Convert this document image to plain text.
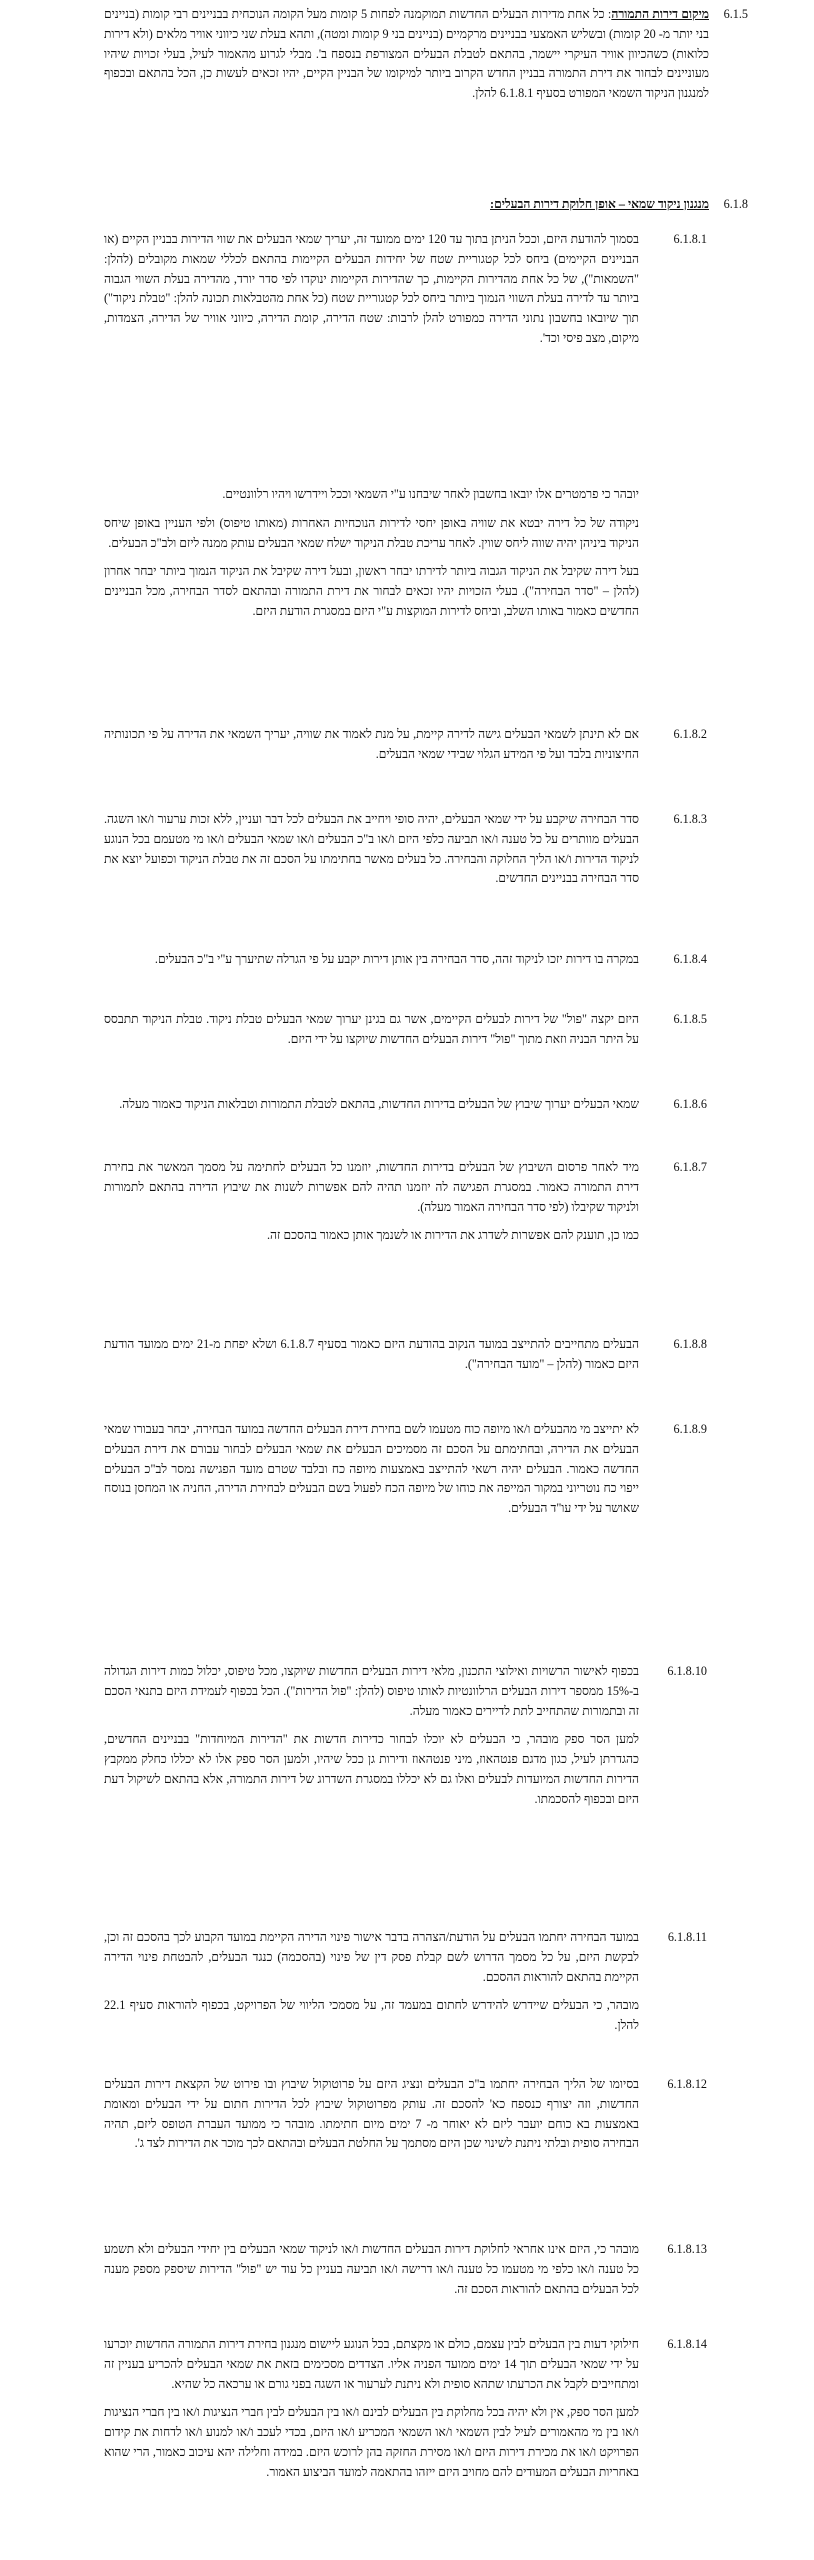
6.1.5

מיקום דירות התמורה: כל אחת מדירות הבעלים החדשות תמוקמנה לפחות 5 קומות מעל הקומה הנוכחית בבניינים רבי קומות (בניינים בני יותר מ- 20 קומות) ובשליש האמצעי בבניינים מרקמיים (בניינים בני 9 קומות ומטה), ותהא בעלת שני כיווני אוויר מלאים (ולא דירות כלואות) כשהכיוון אוויר העיקרי יישמר, בהתאם לטבלת הבעלים המצורפת בנספח ב'. מבלי לגרוע מהאמור לעיל, בעלי זכויות שיהיו מעוניינים לבחור את דירת התמורה בבניין החדש הקרוב ביותר למיקומו של הבניין הקיים, יהיו זכאים לעשות כן, הכל בהתאם ובכפוף למנגנון הניקוד השמאי המפורט בסעיף 6.1.8.1 להלן.

6.1.8
מנגנון ניקוד שמאי – אופן חלוקת דירות הבעלים:
6.1.8.1

בסמוך להודעת היזם, וככל הניתן בתוך עד 120 ימים ממועד זה, יעריך שמאי הבעלים את שווי הדירות בבניין הקיים (או הבניינים הקיימים) ביחס לכל קטגוריית שטח של יחידות הבעלים הקיימות בהתאם לכללי שמאות מקובלים (להלן: "השמאות"), של כל אחת מהדירות הקיימות, כך שהדירות הקיימות ינוקדו לפי סדר יורד, מהדירה בעלת השווי הגבוה ביותר עד לדירה בעלת השווי הנמוך ביותר ביחס לכל קטגוריית שטח (כל אחת מהטבלאות תכונה להלן: "טבלת ניקוד") תוך שיובאו בחשבון נתוני הדירה כמפורט להלן לרבות: שטח הדירה, קומת הדירה, כיווני אוויר של הדירה, הצמדות, מיקום, מצב פיסי וכד'.

יובהר כי פרמטרים אלו יובאו בחשבון לאחר שיבחנו ע"י השמאי וככל ויידרשו ויהיו רלוונטיים.

ניקודה של כל דירה יבטא את שוויה באופן יחסי לדירות הנוכחיות האחרות (מאותו טיפוס) ולפי העניין באופן שיחס הניקוד ביניהן יהיה שווה ליחס שווין. לאחר עריכת טבלת הניקוד ישלח שמאי הבעלים עותק ממנה ליזם ולב"כ הבעלים.

בעל דירה שקיבל את הניקוד הגבוה ביותר לדירתו יבחר ראשון, ובעל דירה שקיבל את הניקוד הנמוך ביותר יבחר אחרון (להלן – "סדר הבחירה"). בעלי הזכויות יהיו זכאים לבחור את דירת התמורה ובהתאם לסדר הבחירה, מכל הבניינים החדשים כאמור באותו השלב, וביחס לדירות המוקצות ע"י היזם במסגרת הודעת היזם.

6.1.8.2

אם לא תינתן לשמאי הבעלים גישה לדירה קיימת, על מנת לאמוד את שוויה, יעריך השמאי את הדירה על פי תכונותיה החיצוניות בלבד ועל פי המידע הגלוי שבידי שמאי הבעלים.

6.1.8.3

סדר הבחירה שיקבע על ידי שמאי הבעלים, יהיה סופי ויחייב את הבעלים לכל דבר ועניין, ללא זכות ערעור ו/או השגה. הבעלים מוותרים על כל טענה ו/או תביעה כלפי היזם ו/או ב"כ הבעלים ו/או שמאי הבעלים ו/או מי מטעמם בכל הנוגע לניקוד הדירות ו/או הליך החלוקה והבחירה. כל בעלים מאשר בחתימתו על הסכם זה את טבלת הניקוד וכפועל יוצא את סדר הבחירה בבניינים החדשים.

6.1.8.4

במקרה בו דירות יזכו לניקוד זהה, סדר הבחירה בין אותן דירות יקבע על פי הגרלה שתיערך ע"י ב"כ הבעלים.

6.1.8.5

היזם יקצה "פול" של דירות לבעלים הקיימים, אשר גם בגינן יערוך שמאי הבעלים טבלת ניקוד. טבלת הניקוד תתבסס על היתר הבניה וזאת מתוך "פול" דירות הבעלים החדשות שיוקצו על ידי היזם.

6.1.8.6

שמאי הבעלים יערוך שיבוץ של הבעלים בדירות החדשות, בהתאם לטבלת התמורות וטבלאות הניקוד כאמור מעלה.

6.1.8.7

מיד לאחר פרסום השיבוץ של הבעלים בדירות החדשות, יוזמנו כל הבעלים לחתימה על מסמך המאשר את בחירת דירת התמורה כאמור. במסגרת הפגישה לה יוזמנו תהיה להם אפשרות לשנות את שיבוץ הדירה בהתאם לתמורות ולניקוד שקיבלו (לפי סדר הבחירה האמור מעלה).

כמו כן, תוענק להם אפשרות לשדרג את הדירות או לשנמך אותן כאמור בהסכם זה.

6.1.8.8

הבעלים מתחייבים להתייצב במועד הנקוב בהודעת היזם כאמור בסעיף 6.1.8.7 ושלא יפחת מ-21 ימים ממועד הודעת היזם כאמור (להלן – "מועד הבחירה").

6.1.8.9

לא יתייצב מי מהבעלים ו/או מיופה כוח מטעמו לשם בחירת דירת הבעלים החדשה במועד הבחירה, יבחר בעבורו שמאי הבעלים את הדירה, ובחתימתם על הסכם זה מסמיכים הבעלים את שמאי הבעלים לבחור עבורם את דירת הבעלים החדשה כאמור. הבעלים יהיה רשאי להתייצב באמצעות מיופה כח ובלבד שטרם מועד הפגישה נמסר לב"כ הבעלים ייפוי כח נוטריוני במקור המייפה את כוחו של מיופה הכח לפעול בשם הבעלים לבחירת הדירה, החניה או המחסן בנוסח שאושר על ידי עו"ד הבעלים.

6.1.8.10

בכפוף לאישור הרשויות ואילוצי התכנון, מלאי דירות הבעלים החדשות שיוקצו, מכל טיפוס, יכלול כמות דירות הגדולה ב-15% ממספר דירות הבעלים הרלוונטיות לאותו טיפוס (להלן: "פול הדירות"). הכל בכפוף לעמידת היזם בתנאי הסכם זה ובתמורות שהתחייב לתת לדיירים כאמור מעלה.

למען הסר ספק מובהר, כי הבעלים לא יוכלו לבחור כדירות חדשות את "הדירות המיוחדות" בבניינים החדשים, כהגדרתן לעיל, כגון מדגם פנטהאוז, מיני פנטהאוז ודירות גן ככל שיהיו, ולמען הסר ספק אלו לא יכללו כחלק ממקבץ הדירות החדשות המיועדות לבעלים ואלו גם לא יכללו במסגרת השדרוג של דירות התמורה, אלא בהתאם לשיקול דעת היזם ובכפוף להסכמתו.

6.1.8.11

במועד הבחירה יחתמו הבעלים על הודעת/הצהרה בדבר אישור פינוי הדירה הקיימת במועד הקבוע לכך בהסכם זה וכן, לבקשת היזם, על כל מסמך הדרוש לשם קבלת פסק דין של פינוי (בהסכמה) כנגד הבעלים, להבטחת פינוי הדירה הקיימת בהתאם להוראות ההסכם.

מובהר, כי הבעלים שיידרש להידרש לחתום במעמד זה, על מסמכי הליווי של הפרויקט, בכפוף להוראות סעיף 22.1 להלן.

6.1.8.12

בסיומו של הליך הבחירה יחתמו ב"כ הבעלים ונציג היזם על פרוטוקול שיבוץ ובו פירוט של הקצאת דירות הבעלים החדשות, וזה יצורף כנספח כא' להסכם זה. עותק מפרוטוקול שיבוץ לכל הדירות חתום על ידי הבעלים ומאומת באמצעות בא כוחם יועבר ליזם לא יאוחר מ- 7 ימים מיום חתימתו. מובהר כי ממועד העברת הטופס ליזם, תהיה הבחירה סופית ובלתי ניתנת לשינוי שכן היזם מסתמך על החלטת הבעלים ובהתאם לכך מוכר את הדירות לצד ג'.

6.1.8.13

מובהר כי, היזם אינו אחראי לחלוקת דירות הבעלים החדשות ו/או לניקוד שמאי הבעלים בין יחידי הבעלים ולא תשמע כל טענה ו/או כלפי מי מטעמו כל טענה ו/או דרישה ו/או תביעה בעניין כל עוד יש "פול" הדירות שיספק מספק מענה לכל הבעלים בהתאם להוראות הסכם זה.

6.1.8.14

חילוקי דעות בין הבעלים לבין עצמם, כולם או מקצתם, בכל הנוגע ליישום מנגנון בחירת דירות התמורה החדשות יוכרעו על ידי שמאי הבעלים תוך 14 ימים ממועד הפניה אליו. הצדדים מסכימים בזאת את שמאי הבעלים להכריע בעניין זה ומתחייבים לקבל את הכרעתו שתהא סופית ולא ניתנת לערעור או השגה בפני גורם או ערכאה כל שהיא.

למען הסר ספק, אין ולא יהיה בכל מחלוקת בין הבעלים לבינם ו/או בין הבעלים לבין חברי הנציגות ו/או בין חברי הנציגות ו/או בין מי מהאמורים לעיל לבין השמאי ו/או השמאי המכריע ו/או היזם, בכדי לעכב ו/או למנוע ו/או לדחות את קידום הפרויקט ו/או את מכירת דירות היזם ו/או מסירת החזקה בהן לרוכש היזם. במידה וחלילה יהא עיכוב כאמור, הרי שהוא באחריות הבעלים המעודים להם מחויב היזם ייזהו בהתאמה למועד הביצוע האמור.
